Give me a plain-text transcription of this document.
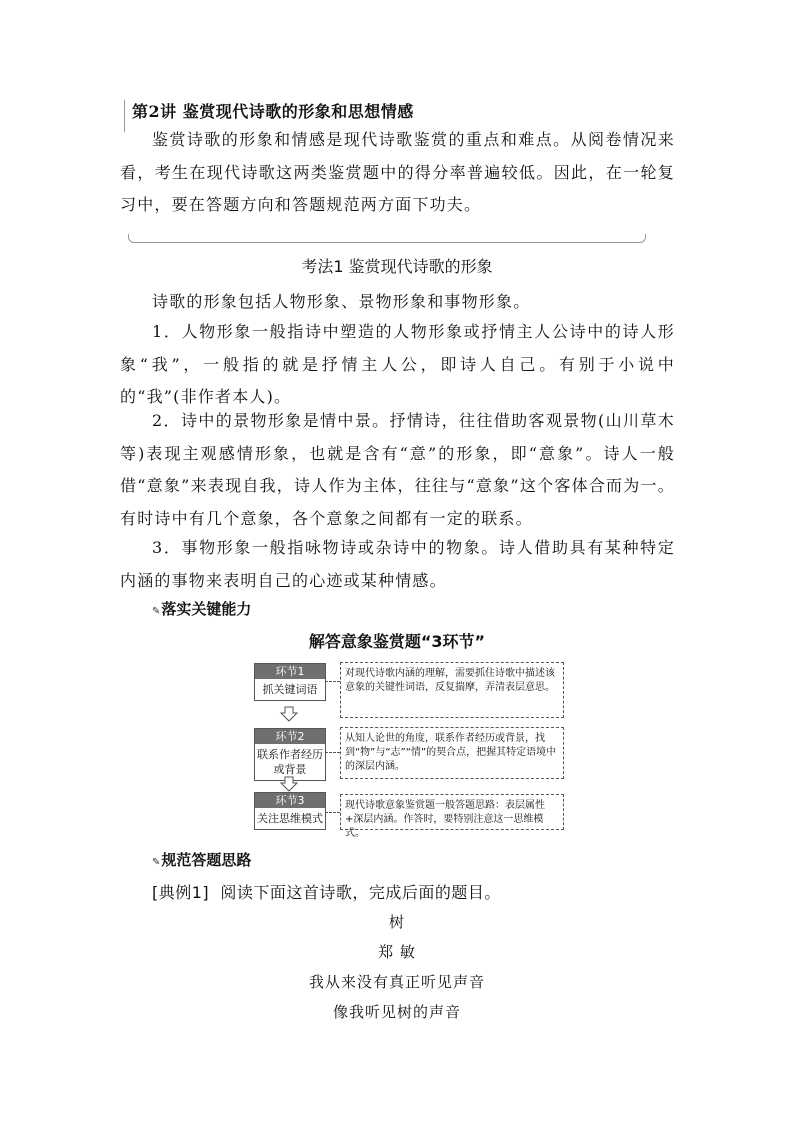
第2讲 鉴赏现代诗歌的形象和思想情感
鉴赏诗歌的形象和情感是现代诗歌鉴赏的重点和难点。从阅卷情况来看，考生在现代诗歌这两类鉴赏题中的得分率普遍较低。因此，在一轮复习中，要在答题方向和答题规范两方面下功夫。
考法1 鉴赏现代诗歌的形象
诗歌的形象包括人物形象、景物形象和事物形象。
1．人物形象一般指诗中塑造的人物形象或抒情主人公诗中的诗人形象“我”，一般指的就是抒情主人公，即诗人自己。有别于小说中的“我”(非作者本人)。
2．诗中的景物形象是情中景。抒情诗，往往借助客观景物(山川草木等)表现主观感情形象，也就是含有“意”的形象，即“意象”。诗人一般借“意象”来表现自我，诗人作为主体，往往与“意象”这个客体合而为一。有时诗中有几个意象，各个意象之间都有一定的联系。
3．事物形象一般指咏物诗或杂诗中的物象。诗人借助具有某种特定内涵的事物来表明自己的心迹或某种情感。
✎落实关键能力
解答意象鉴赏题“3环节”
环节1
抓关键词语
对现代诗歌内涵的理解，需要抓住诗歌中描述该意象的关键性词语，反复揣摩，弄清表层意思。
环节2
联系作者经历或背景
从知人论世的角度，联系作者经历或背景，找到“物”与“志”“情”的契合点，把握其特定语境中的深层内涵。
环节3
关注思维模式
现代诗歌意象鉴赏题一般答题思路：表层属性+深层内涵。作答时，要特别注意这一思维模式。
✎规范答题思路
[典例1] 阅读下面这首诗歌，完成后面的题目。
树
郑 敏
我从来没有真正听见声音
像我听见树的声音
